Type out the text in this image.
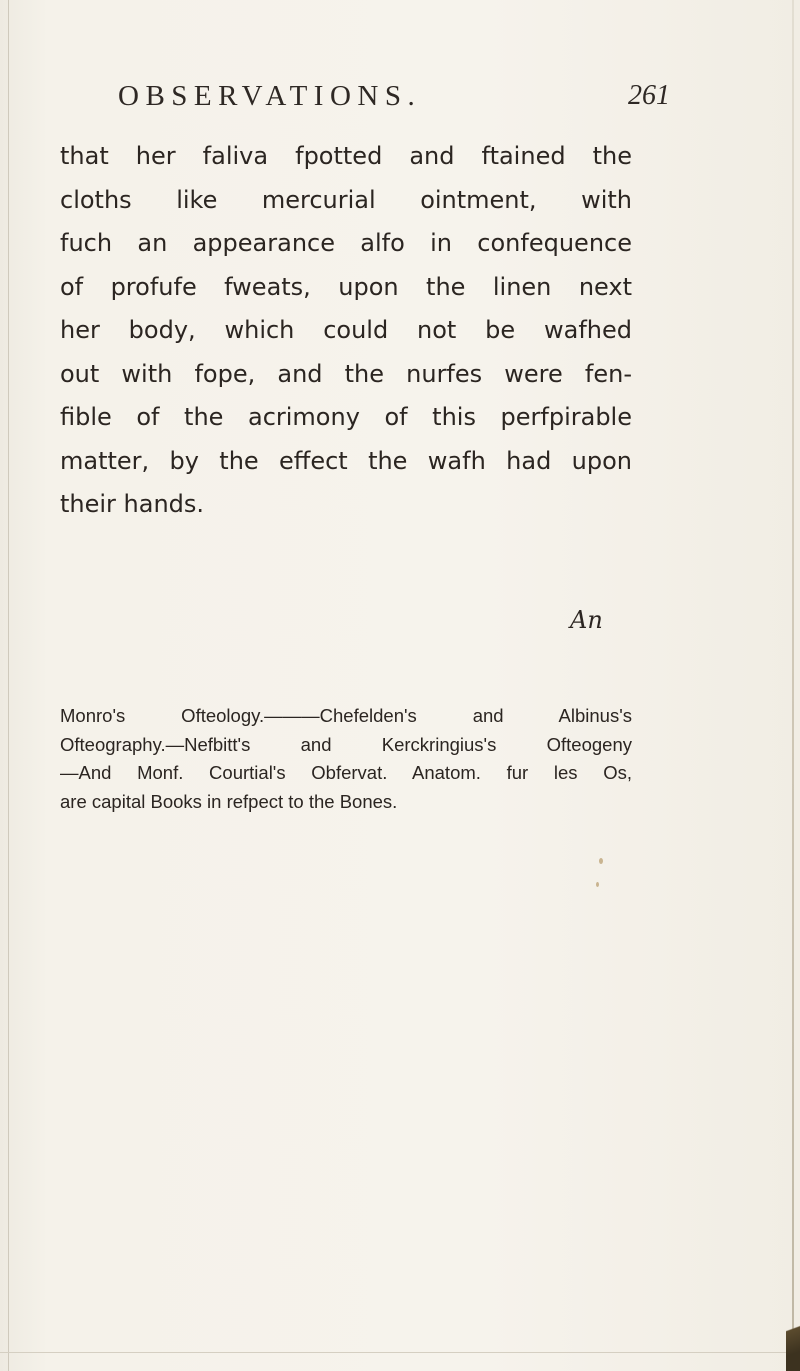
OBSERVATIONS.	261

that her faliva fpotted and ftained the
cloths like mercurial ointment, with
fuch an appearance alfo in confequence
of profufe fweats, upon the linen next
her body, which could not be wafhed
out with fope, and the nurfes were fen-
fible of the acrimony of this perfpirable
matter, by the effect the wafh had upon
their hands.

An

Monro's Ofteology.———Chefelden's and Albinus's
Ofteography.—Nefbitt's and Kerckringius's Ofteogeny
—And Monf. Courtial's Obfervat. Anatom. fur les Os,
are capital Books in refpect to the Bones.
